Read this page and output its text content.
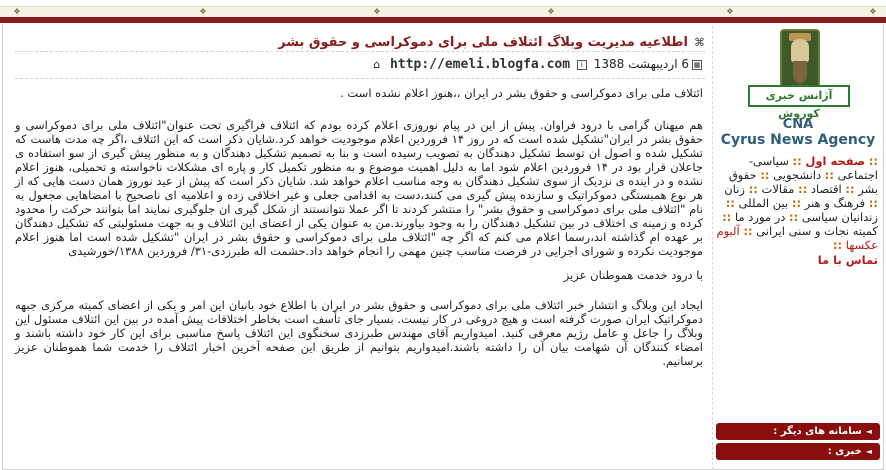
❖	❖	❖	❖	❖	❖
⌘اطلاعیه مدیریت وبلاگ ائتلاف ملی برای دموکراسی و حقوق بشر
▦6 اردیبهشت 1388 i http://emeli.blogfa.com ⌂

ائتلاف ملی برای دموکراسی و حقوق بشر در ایران ،،هنوز اعلام نشده است .

هم میهنان گرامی با درود فراوان. پیش از این در پیام نوروزی اعلام کرده بودم که ائتلاف فراگیری تحت عنوان"ائتلاف ملی برای دموکراسی و حقوق بشر در ایران"تشکیل شده است که در روز ۱۴ فروردین اعلام موجودیت خواهد کرد.شایان ذکر است که این ائتلاف ،اگر چه مدت هاست که تشکیل شده و اصول ان توسط تشکیل دهندگان به تصویب رسیده است و بنا به تصمیم تشکیل دهندگان و به منظور پیش گیری از سو استفاده ی جاعلان قرار بود در ۱۴ فروردین اعلام شود اما به دلیل اهمیت موضوع و به منظور تکمیل کار و پاره ای مشکلات ناخواسته و تحمیلی، هنوز اعلام نشده و در اینده ی نزدیک از سوی تشکیل دهندگان به وجه مناسب اعلام خواهد شد. شایان ذکر است که پیش از عید نوروز همان دست هایی که از هر نوع همبستگی دموکراتیک و سازنده پیش گیری می کنند،دست به اقدامی جعلی و غیر اخلاقی زده و اعلامیه ای ناصحیح با امضاهایی مجعول به نام "ائتلاف ملی برای دموکراسی و حقوق بشر" را منتشر کردند تا اگر عملا نتوانستند از شکل گیری ان جلوگیری نمایند اما بتوانند حرکت را محدود کرده و زمینه ی اختلاف در بین تشکیل دهندگان را به وجود بیاورند.من به عنوان یکی از اعضای این ائتلاف و به جهت مسئولیتی که تشکیل دهندگان بر عهده ام گذاشته اند،رسما اعلام می کنم که اگر چه "ائتلاف ملی برای دموکراسی و حقوق بشر در ایران "تشکیل شده است اما هنوز اعلام موجودیت نکرده و شورای اجرایی در فرصت مناسب چنین مهمی را انجام خواهد داد.حشمت اله طبرزدی-۳۱/ فروردین ۱۳۸۸/خورشیدی

با درود خدمت هموطنان عزیز

ایجاد این وبلاگ و انتشار خبر ائتلاف ملی برای دموکراسی و حقوق بشر در ایران با اطلاع خود بانیان این امر و یکی از اعضای کمیته مرکزی جبهه دموکراتیک ایران صورت گرفته است و هیچ دروغی در کار نیست. بسیار جای تأسف است بخاطر اختلافات پیش آمده در بین این ائتلاف مسئول این وبلاگ را جاعل و عامل رژیم معرفی کنید. امیدواریم آقای مهندس طبرزدی سخنگوی این ائتلاف پاسخ مناسبی برای این کار خود داشته باشند و امضاء کنندگان آن شهامت بیان آن را داشته باشند.امیدواریم بتوانیم از طریق این صفحه آخرین اخبار ائتلاف را خدمت شما هموطنان عزیز برسانیم.

آژانس خبری کوروش
CNA
Cyrus News Agency
:: صفحه اول :: سیاسی-اجتماعی :: دانشجویی :: حقوق بشر :: اقتصاد :: مقالات :: زنان :: فرهنگ و هنر :: بین المللی :: زندانیان سیاسی :: در مورد ما :: کمیته نجات و سنی ایرانی :: آلبوم عکسها ::
تماس با ما
◄سامانه های دیگر :
◄خبری :
